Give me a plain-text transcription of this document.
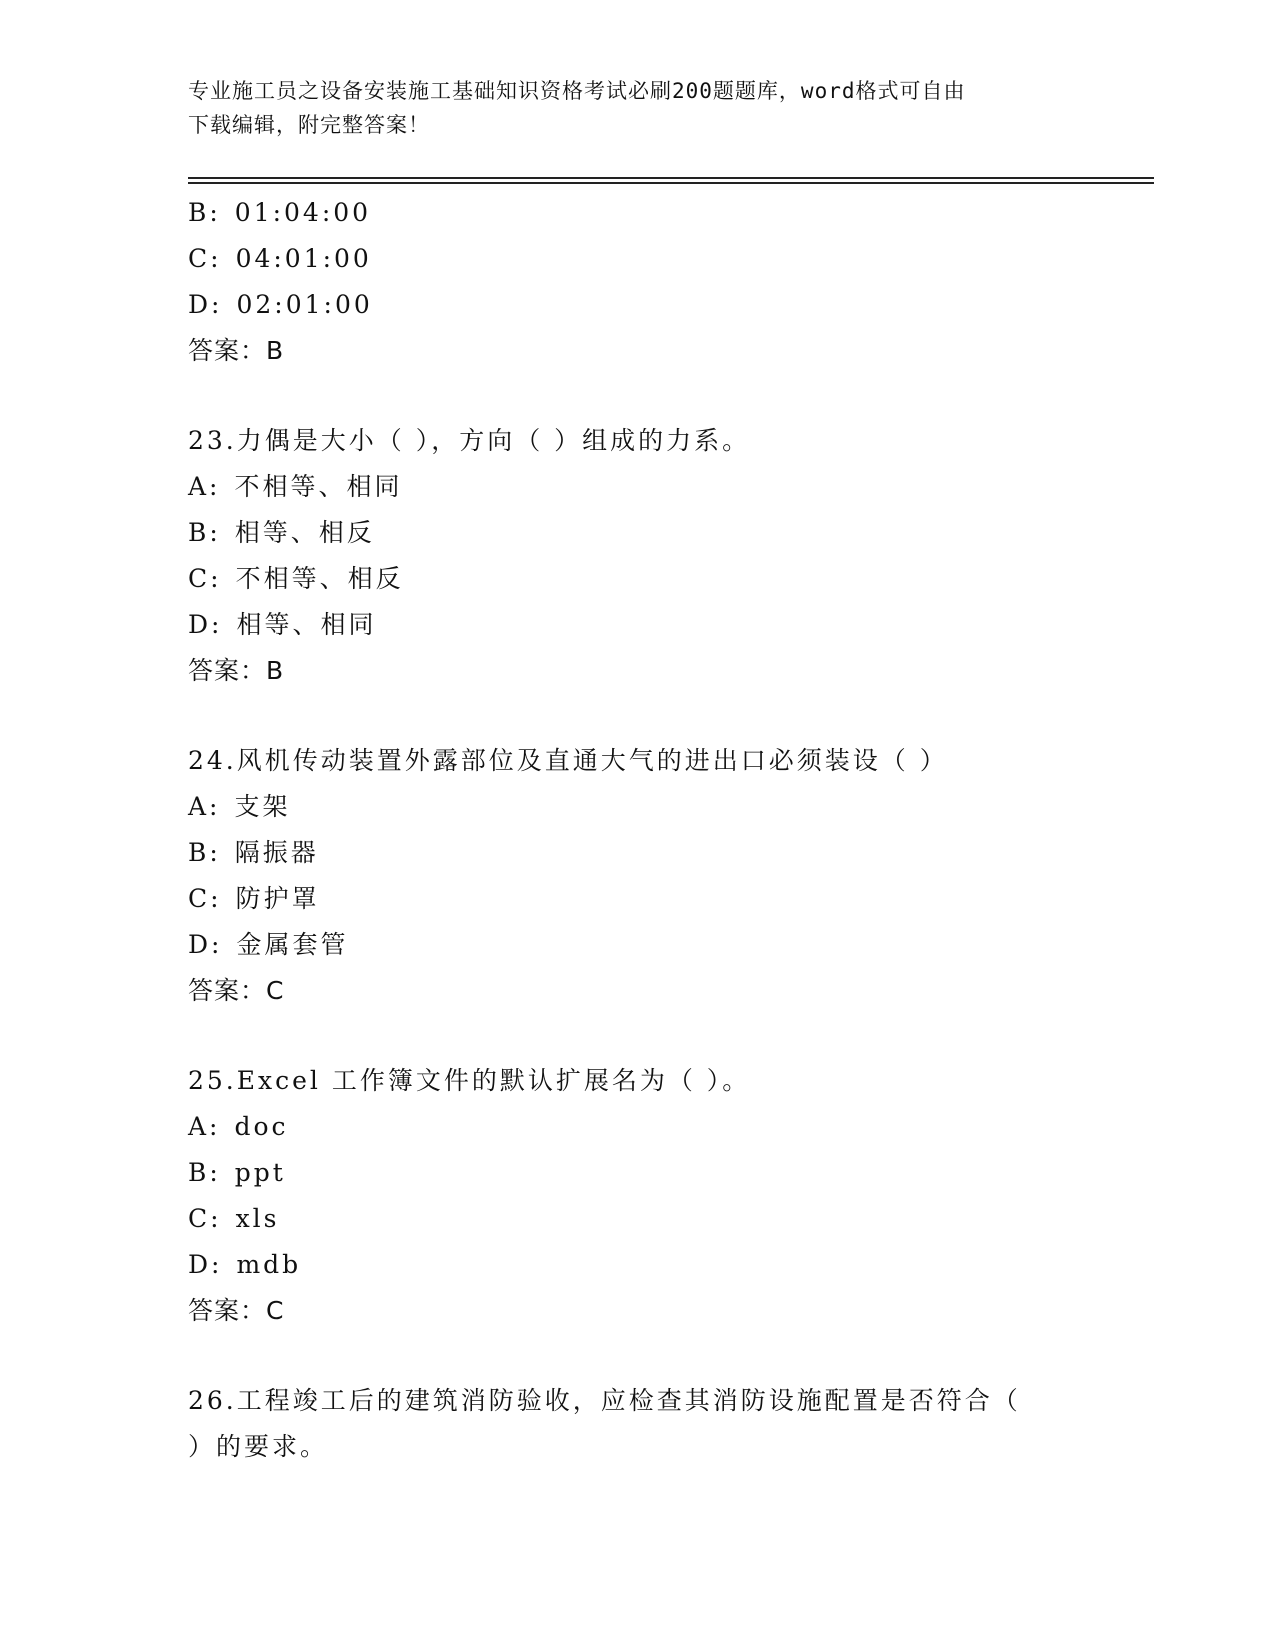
专业施工员之设备安装施工基础知识资格考试必刷200题题库，word格式可自由
下载编辑，附完整答案！
B: 01:04:00
C: 04:01:00
D: 02:01:00
答案：B
23.力偶是大小（ ），方向（ ）组成的力系。
A: 不相等、相同
B: 相等、相反
C: 不相等、相反
D: 相等、相同
答案：B
24.风机传动装置外露部位及直通大气的进出口必须装设（ ）
A: 支架
B: 隔振器
C: 防护罩
D: 金属套管
答案：C
25.Excel 工作簿文件的默认扩展名为（ ）。
A: doc
B: ppt
C: xls
D: mdb
答案：C
26.工程竣工后的建筑消防验收，应检查其消防设施配置是否符合（
）的要求。
